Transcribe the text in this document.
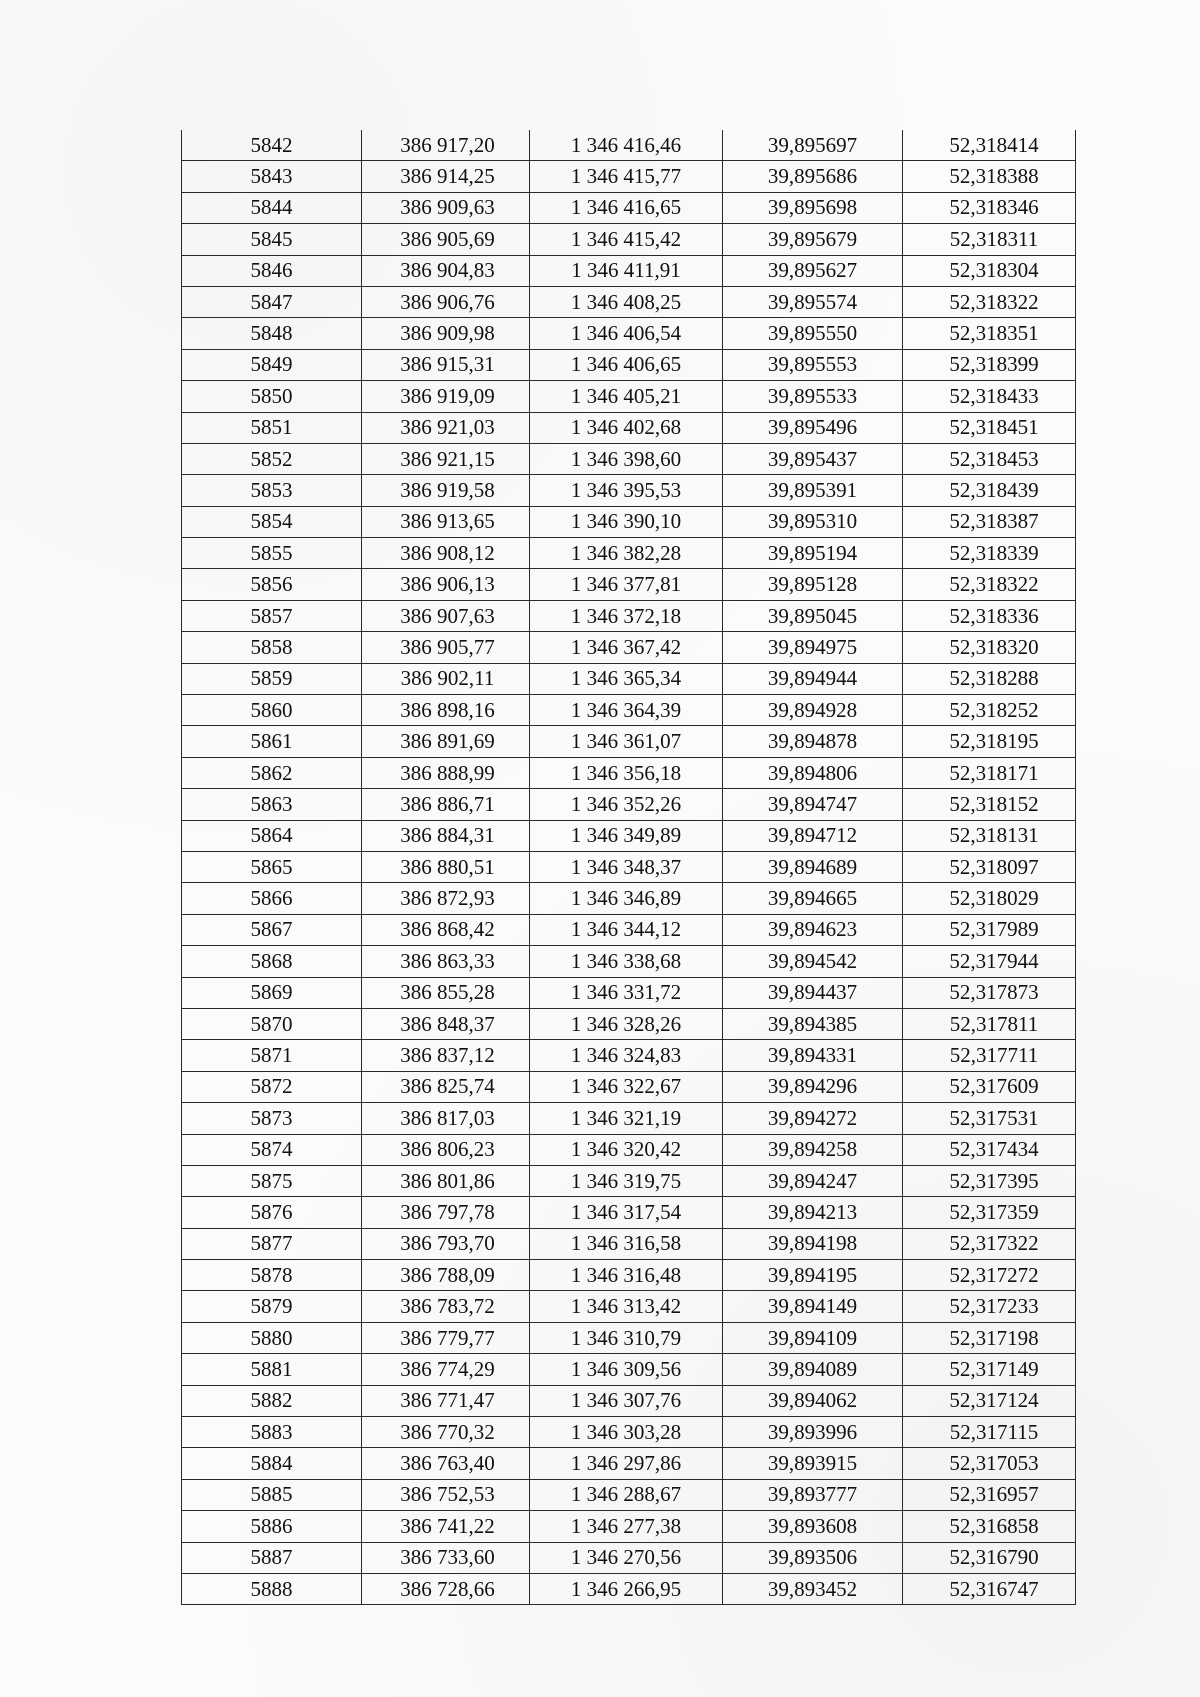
5842	386 917,20	1 346 416,46	39,895697	52,318414
5843	386 914,25	1 346 415,77	39,895686	52,318388
5844	386 909,63	1 346 416,65	39,895698	52,318346
5845	386 905,69	1 346 415,42	39,895679	52,318311
5846	386 904,83	1 346 411,91	39,895627	52,318304
5847	386 906,76	1 346 408,25	39,895574	52,318322
5848	386 909,98	1 346 406,54	39,895550	52,318351
5849	386 915,31	1 346 406,65	39,895553	52,318399
5850	386 919,09	1 346 405,21	39,895533	52,318433
5851	386 921,03	1 346 402,68	39,895496	52,318451
5852	386 921,15	1 346 398,60	39,895437	52,318453
5853	386 919,58	1 346 395,53	39,895391	52,318439
5854	386 913,65	1 346 390,10	39,895310	52,318387
5855	386 908,12	1 346 382,28	39,895194	52,318339
5856	386 906,13	1 346 377,81	39,895128	52,318322
5857	386 907,63	1 346 372,18	39,895045	52,318336
5858	386 905,77	1 346 367,42	39,894975	52,318320
5859	386 902,11	1 346 365,34	39,894944	52,318288
5860	386 898,16	1 346 364,39	39,894928	52,318252
5861	386 891,69	1 346 361,07	39,894878	52,318195
5862	386 888,99	1 346 356,18	39,894806	52,318171
5863	386 886,71	1 346 352,26	39,894747	52,318152
5864	386 884,31	1 346 349,89	39,894712	52,318131
5865	386 880,51	1 346 348,37	39,894689	52,318097
5866	386 872,93	1 346 346,89	39,894665	52,318029
5867	386 868,42	1 346 344,12	39,894623	52,317989
5868	386 863,33	1 346 338,68	39,894542	52,317944
5869	386 855,28	1 346 331,72	39,894437	52,317873
5870	386 848,37	1 346 328,26	39,894385	52,317811
5871	386 837,12	1 346 324,83	39,894331	52,317711
5872	386 825,74	1 346 322,67	39,894296	52,317609
5873	386 817,03	1 346 321,19	39,894272	52,317531
5874	386 806,23	1 346 320,42	39,894258	52,317434
5875	386 801,86	1 346 319,75	39,894247	52,317395
5876	386 797,78	1 346 317,54	39,894213	52,317359
5877	386 793,70	1 346 316,58	39,894198	52,317322
5878	386 788,09	1 346 316,48	39,894195	52,317272
5879	386 783,72	1 346 313,42	39,894149	52,317233
5880	386 779,77	1 346 310,79	39,894109	52,317198
5881	386 774,29	1 346 309,56	39,894089	52,317149
5882	386 771,47	1 346 307,76	39,894062	52,317124
5883	386 770,32	1 346 303,28	39,893996	52,317115
5884	386 763,40	1 346 297,86	39,893915	52,317053
5885	386 752,53	1 346 288,67	39,893777	52,316957
5886	386 741,22	1 346 277,38	39,893608	52,316858
5887	386 733,60	1 346 270,56	39,893506	52,316790
5888	386 728,66	1 346 266,95	39,893452	52,316747
